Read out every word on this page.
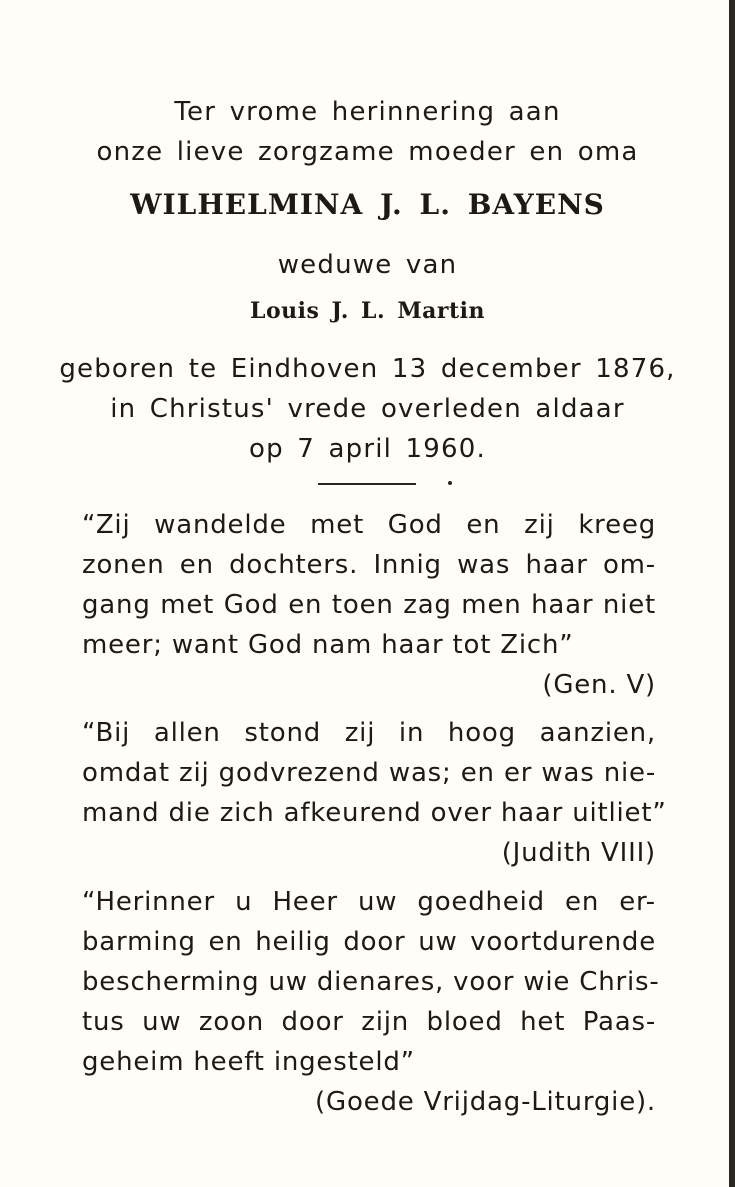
Ter vrome herinnering aan
onze lieve zorgzame moeder en oma
WILHELMINA J. L. BAYENS
weduwe van
Louis J. L. Martin
geboren te Eindhoven 13 december 1876,
in Christus' vrede overleden aldaar
op 7 april 1960.
“Zij wandelde met God en zij kreeg
zonen en dochters. Innig was haar om-
gang met God en toen zag men haar niet
meer; want God nam haar tot Zich”
(Gen. V)
“Bij allen stond zij in hoog aanzien,
omdat zij godvrezend was; en er was nie-
mand die zich afkeurend over haar uitliet”
(Judith VIII)
“Herinner u Heer uw goedheid en er-
barming en heilig door uw voortdurende
bescherming uw dienares, voor wie Chris-
tus uw zoon door zijn bloed het Paas-
geheim heeft ingesteld”
(Goede Vrijdag-Liturgie).
